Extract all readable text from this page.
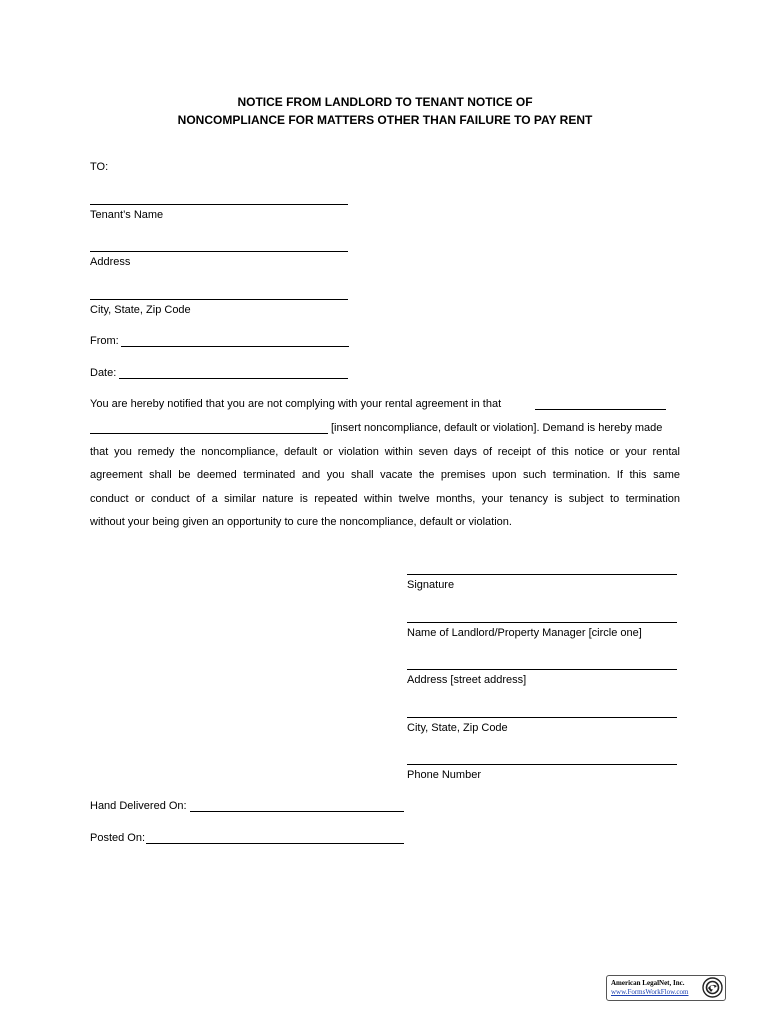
NOTICE FROM LANDLORD TO TENANT NOTICE OF
NONCOMPLIANCE FOR MATTERS OTHER THAN FAILURE TO PAY RENT
TO:
Tenant’s Name
Address
City, State, Zip Code
From:
Date:
You are hereby notified that you are not complying with your rental agreement in that
[insert noncompliance, default or violation]. Demand is hereby made
that you remedy the noncompliance, default or violation within seven days of receipt of this notice or your rental
agreement shall be deemed terminated and you shall vacate the premises upon such termination. If this same
conduct or conduct of a similar nature is repeated within twelve months, your tenancy is subject to termination
without your being given an opportunity to cure the noncompliance, default or violation.
Signature
Name of Landlord/Property Manager [circle one]
Address [street address]
City, State, Zip Code
Phone Number
Hand Delivered On:
Posted On:
American LegalNet, Inc.
www.FormsWorkFlow.com
